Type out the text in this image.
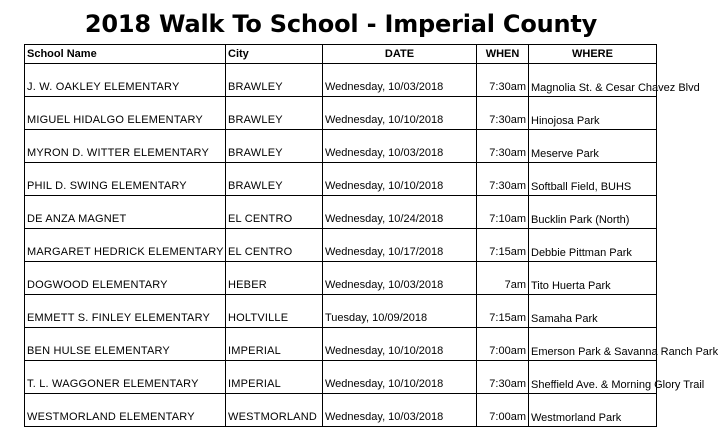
2018 Walk To School - Imperial County
School Name	City	DATE	WHEN	WHERE
J. W. OAKLEY ELEMENTARY	BRAWLEY	Wednesday, 10/03/2018	7:30am	Magnolia St. & Cesar Chavez Blvd
MIGUEL HIDALGO ELEMENTARY	BRAWLEY	Wednesday, 10/10/2018	7:30am	Hinojosa Park
MYRON D. WITTER ELEMENTARY	BRAWLEY	Wednesday, 10/03/2018	7:30am	Meserve Park
PHIL D. SWING ELEMENTARY	BRAWLEY	Wednesday, 10/10/2018	7:30am	Softball Field, BUHS
DE ANZA MAGNET	EL CENTRO	Wednesday, 10/24/2018	7:10am	Bucklin Park (North)
MARGARET HEDRICK ELEMENTARY	EL CENTRO	Wednesday, 10/17/2018	7:15am	Debbie Pittman Park
DOGWOOD ELEMENTARY	HEBER	Wednesday, 10/03/2018	7am	Tito Huerta Park
EMMETT S. FINLEY ELEMENTARY	HOLTVILLE	Tuesday, 10/09/2018	7:15am	Samaha Park
BEN HULSE ELEMENTARY	IMPERIAL	Wednesday, 10/10/2018	7:00am	Emerson Park & Savanna Ranch Park
T. L. WAGGONER ELEMENTARY	IMPERIAL	Wednesday, 10/10/2018	7:30am	Sheffield Ave. & Morning Glory Trail
WESTMORLAND ELEMENTARY	WESTMORLAND	Wednesday, 10/03/2018	7:00am	Westmorland Park
